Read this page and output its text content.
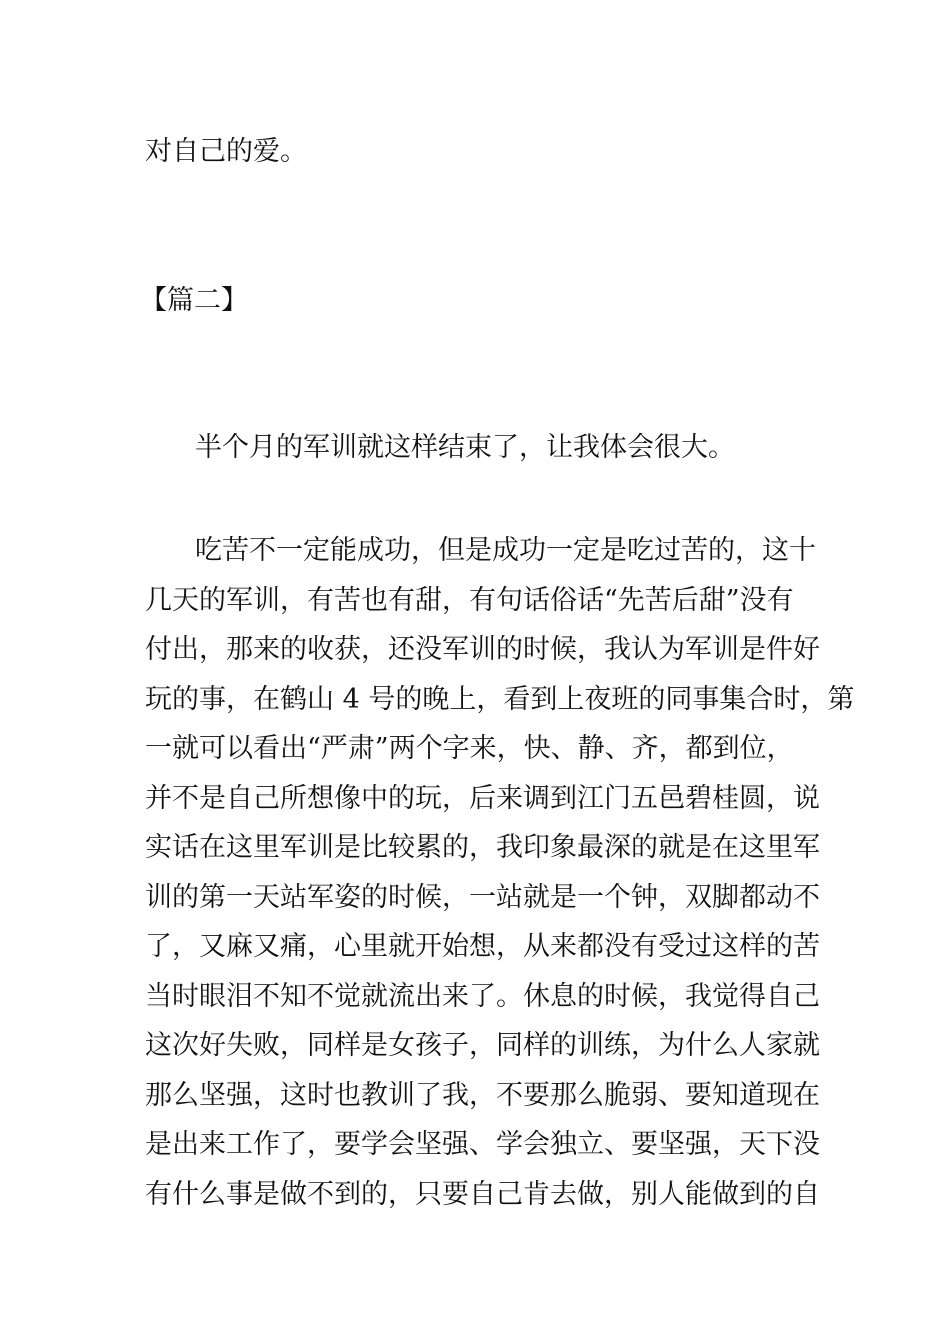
对自己的爱。

【篇二】

半个月的军训就这样结束了，让我体会很大。

吃苦不一定能成功，但是成功一定是吃过苦的，这十

几天的军训，有苦也有甜，有句话俗话“先苦后甜”没有

付出，那来的收获，还没军训的时候，我认为军训是件好

玩的事，在鹤山 4 号的晚上，看到上夜班的同事集合时，第

一就可以看出“严肃”两个字来，快、静、齐，都到位，

并不是自己所想像中的玩，后来调到江门五邑碧桂圆，说

实话在这里军训是比较累的，我印象最深的就是在这里军

训的第一天站军姿的时候，一站就是一个钟，双脚都动不

了，又麻又痛，心里就开始想，从来都没有受过这样的苦

当时眼泪不知不觉就流出来了。休息的时候，我觉得自己

这次好失败，同样是女孩子，同样的训练，为什么人家就

那么坚强，这时也教训了我，不要那么脆弱、要知道现在

是出来工作了，要学会坚强、学会独立、要坚强，天下没

有什么事是做不到的，只要自己肯去做，别人能做到的自
